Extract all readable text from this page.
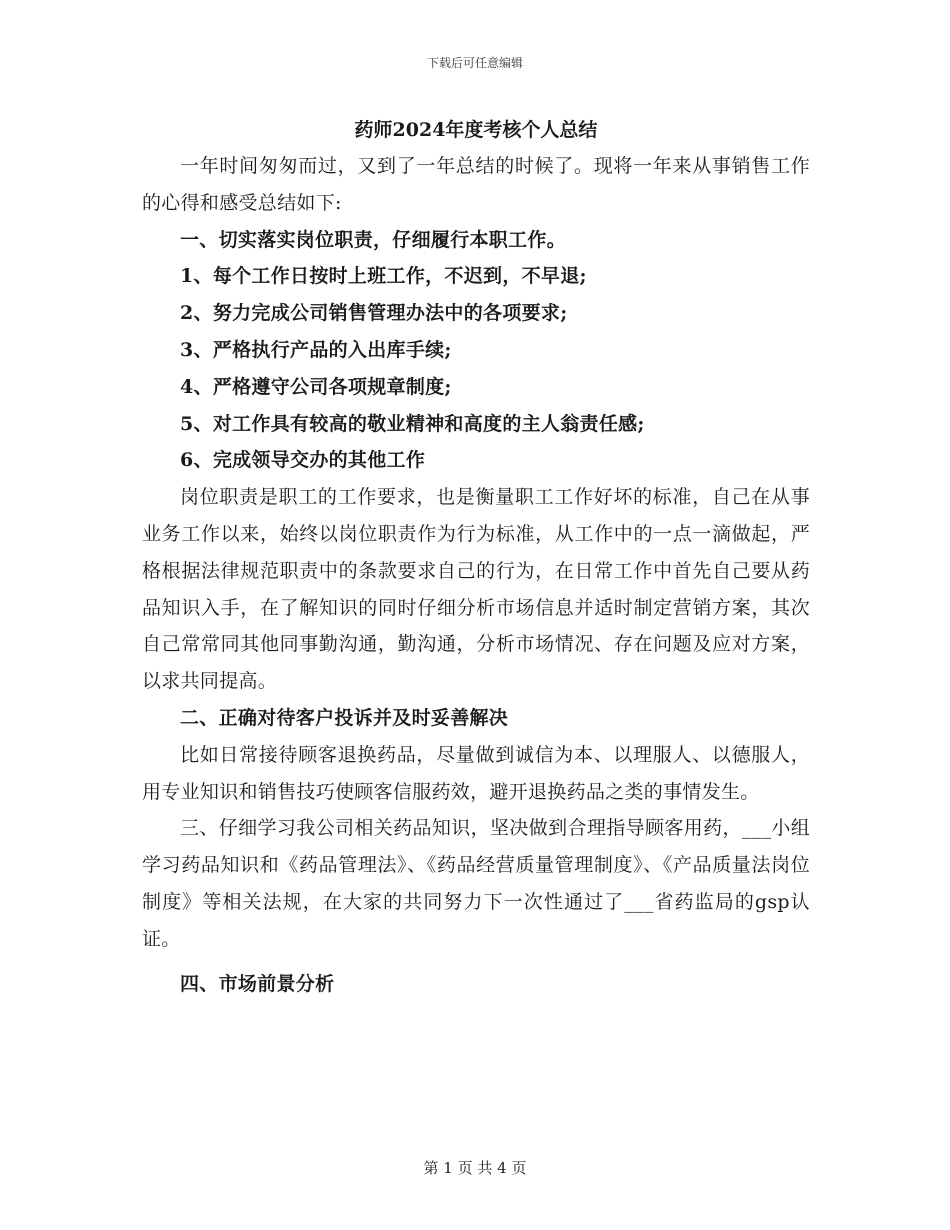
下载后可任意编辑
药师2024年度考核个人总结

一年时间匆匆而过，又到了一年总结的时候了。现将一年来从事销售工作的心得和感受总结如下:

一、切实落实岗位职责，仔细履行本职工作。

1、每个工作日按时上班工作，不迟到，不早退;

2、努力完成公司销售管理办法中的各项要求;

3、严格执行产品的入出库手续;

4、严格遵守公司各项规章制度;

5、对工作具有较高的敬业精神和高度的主人翁责任感;

6、完成领导交办的其他工作

岗位职责是职工的工作要求，也是衡量职工工作好坏的标准，自己在从事业务工作以来，始终以岗位职责作为行为标准，从工作中的一点一滴做起，严格根据法律规范职责中的条款要求自己的行为，在日常工作中首先自己要从药品知识入手，在了解知识的同时仔细分析市场信息并适时制定营销方案，其次自己常常同其他同事勤沟通，勤沟通，分析市场情况、存在问题及应对方案，以求共同提高。

二、正确对待客户投诉并及时妥善解决

比如日常接待顾客退换药品，尽量做到诚信为本、以理服人、以德服人，用专业知识和销售技巧使顾客信服药效，避开退换药品之类的事情发生。

三、仔细学习我公司相关药品知识，坚决做到合理指导顾客用药，___小组学习药品知识和《药品管理法》、《药品经营质量管理制度》、《产品质量法岗位制度》等相关法规，在大家的共同努力下一次性通过了___省药监局的gsp认证。

四、市场前景分析

第 1 页 共 4 页
